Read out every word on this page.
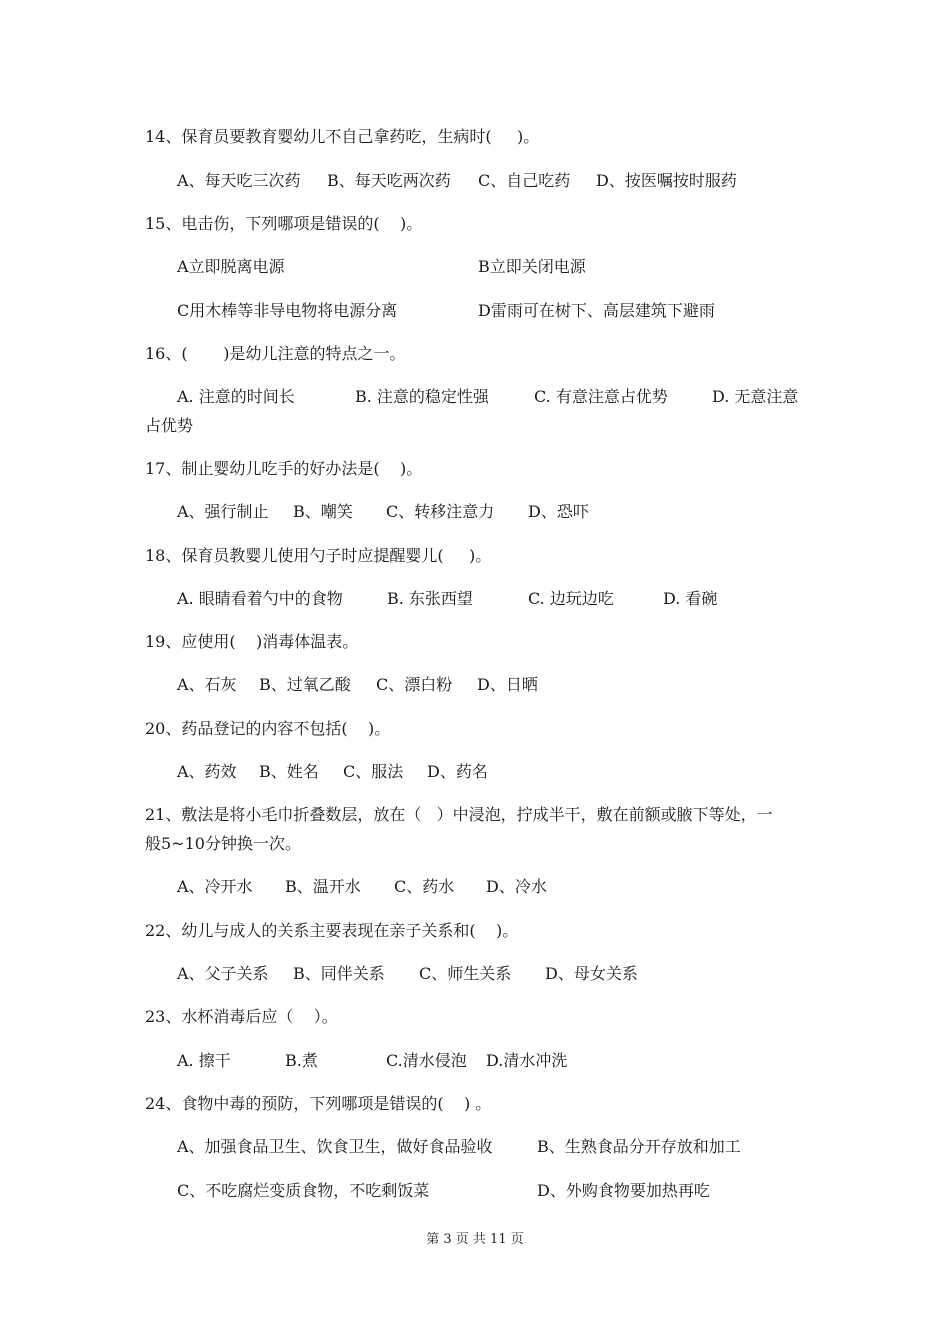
14、保育员要教育婴幼儿不自己拿药吃，生病时(     )。
A、每天吃三次药 B、每天吃两次药 C、自己吃药 D、按医嘱按时服药
15、电击伤，下列哪项是错误的(    )。
A立即脱离电源	B立即关闭电源
C用木棒等非导电物将电源分离	D雷雨可在树下、高层建筑下避雨
16、(       )是幼儿注意的特点之一。
A. 注意的时间长	B. 注意的稳定性强	C. 有意注意占优势	D. 无意注意
占优势
17、制止婴幼儿吃手的好办法是(    )。
A、强行制止 B、嘲笑 C、转移注意力 D、恐吓
18、保育员教婴儿使用勺子时应提醒婴儿(     )。
A. 眼睛看着勺中的食物	B. 东张西望	C. 边玩边吃	D. 看碗
19、应使用(    )消毒体温表。
A、石灰 B、过氧乙酸 C、漂白粉 D、日晒
20、药品登记的内容不包括(    )。
A、药效 B、姓名 C、服法 D、药名
21、敷法是将小毛巾折叠数层，放在（   ）中浸泡，拧成半干，敷在前额或腋下等处，一
般5~10分钟换一次。
A、冷开水 B、温开水 C、药水 D、冷水
22、幼儿与成人的关系主要表现在亲子关系和(    )。
A、父子关系 B、同伴关系 C、师生关系 D、母女关系
23、水杯消毒后应（    ）。
A. 擦干	B.煮	C.清水侵泡 D.清水冲洗
24、食物中毒的预防，下列哪项是错误的(    ) 。
A、加强食品卫生、饮食卫生，做好食品验收	B、生熟食品分开存放和加工
C、不吃腐烂变质食物，不吃剩饭菜	D、外购食物要加热再吃
第 3 页 共 11 页
